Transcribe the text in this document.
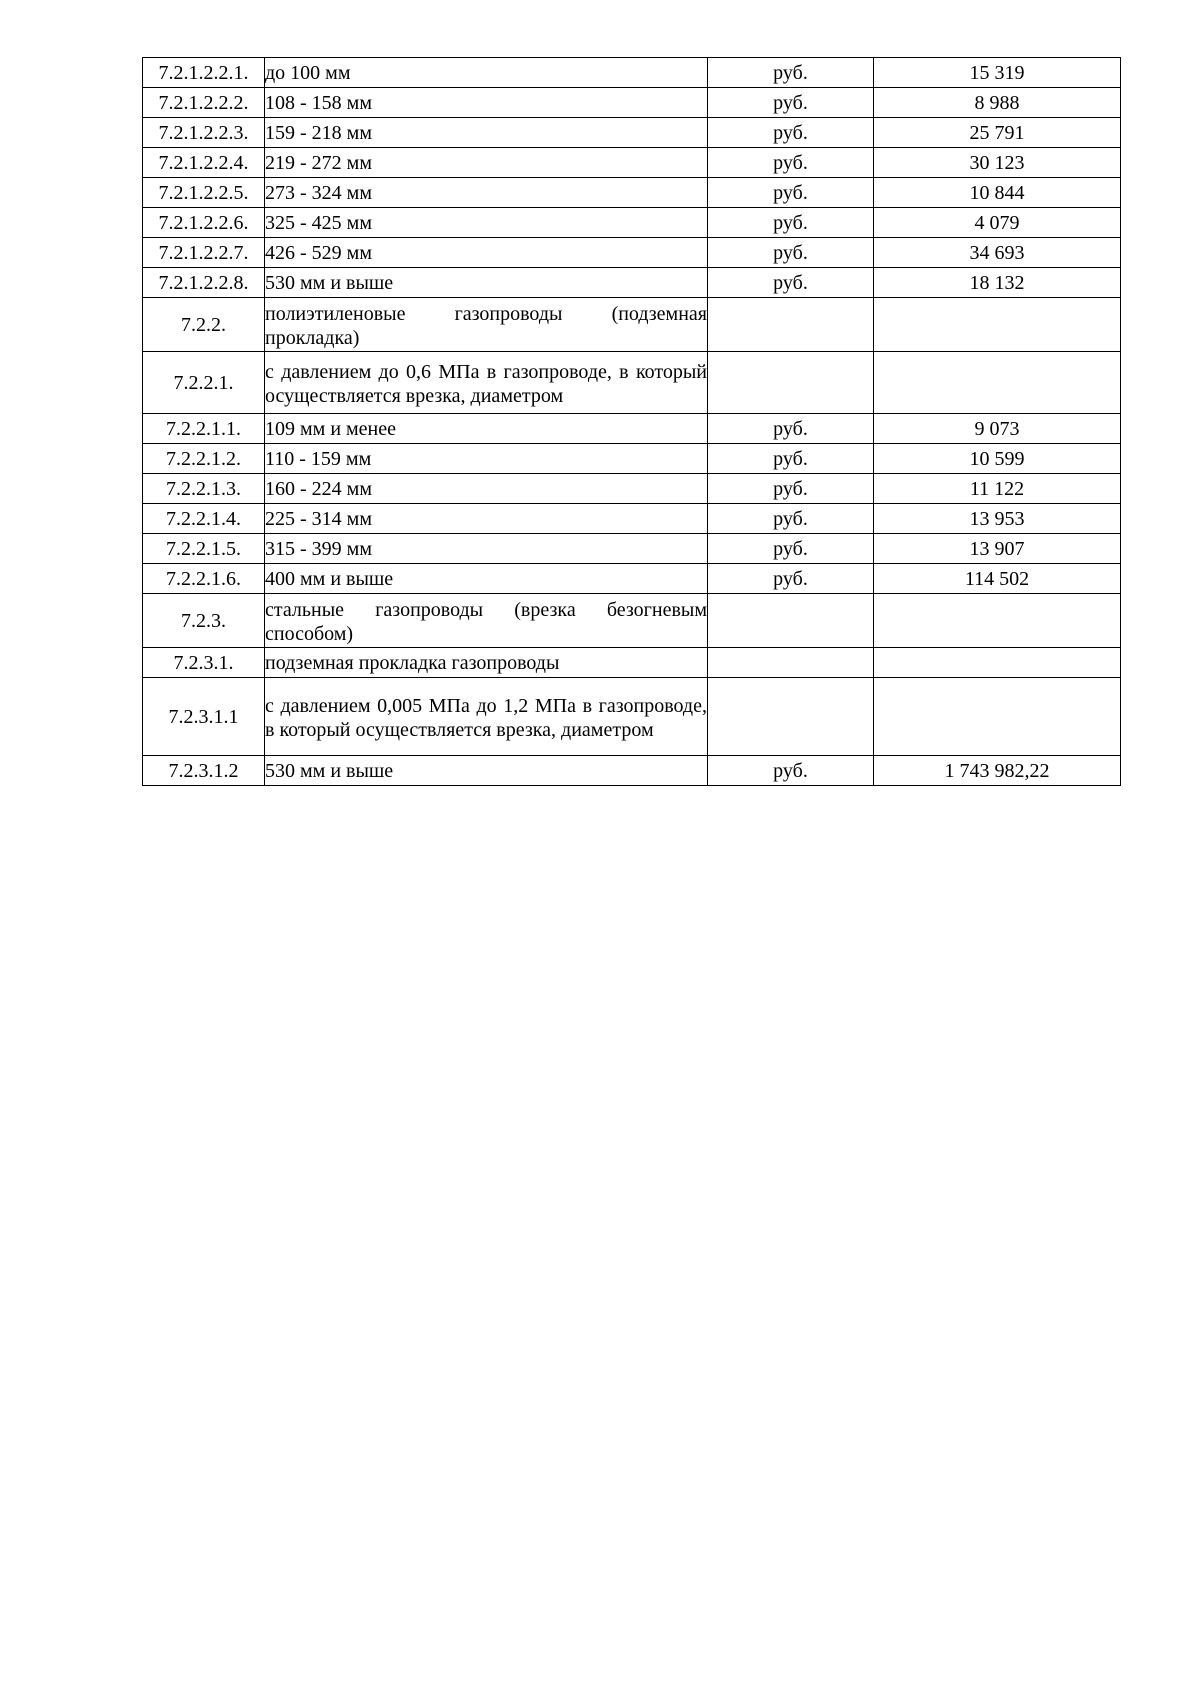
7.2.1.2.2.1.	до 100 мм	руб.	15 319
7.2.1.2.2.2.	108 - 158 мм	руб.	8 988
7.2.1.2.2.3.	159 - 218 мм	руб.	25 791
7.2.1.2.2.4.	219 - 272 мм	руб.	30 123
7.2.1.2.2.5.	273 - 324 мм	руб.	10 844
7.2.1.2.2.6.	325 - 425 мм	руб.	4 079
7.2.1.2.2.7.	426 - 529 мм	руб.	34 693
7.2.1.2.2.8.	530 мм и выше	руб.	18 132
7.2.2.	полиэтиленовые газопроводы (подземная прокладка)		
7.2.2.1.	с давлением до 0,6 МПа в газопроводе, в который осуществляется врезка, диаметром		
7.2.2.1.1.	109 мм и менее	руб.	9 073
7.2.2.1.2.	110 - 159 мм	руб.	10 599
7.2.2.1.3.	160 - 224 мм	руб.	11 122
7.2.2.1.4.	225 - 314 мм	руб.	13 953
7.2.2.1.5.	315 - 399 мм	руб.	13 907
7.2.2.1.6.	400 мм и выше	руб.	114 502
7.2.3.	стальные газопроводы (врезка безогневым способом)		
7.2.3.1.	подземная прокладка газопроводы		
7.2.3.1.1	с давлением 0,005 МПа до 1,2 МПа в газопроводе, в который осуществляется врезка, диаметром		
7.2.3.1.2	530 мм и выше	руб.	1 743 982,22
